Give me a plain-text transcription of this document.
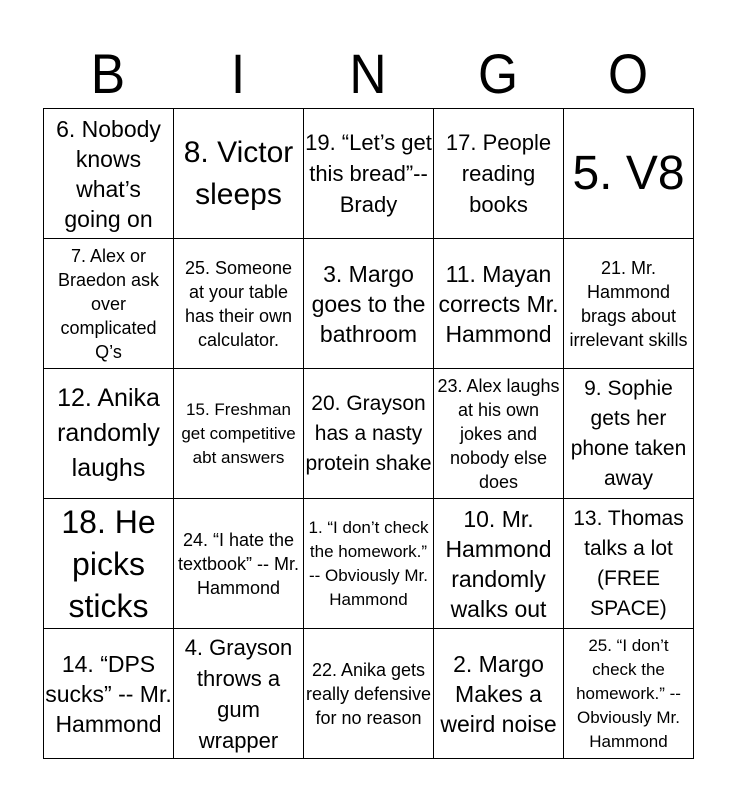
B	I	N	G	O
6. Nobody knows what’s going on	8. Victor sleeps	19. “Let’s get this bread”-- Brady	17. People reading books	5. V8
7. Alex or Braedon ask over complicated Q’s	25. Someone at your table has their own calculator.	3. Margo goes to the bathroom	11. Mayan corrects Mr. Hammond	21. Mr. Hammond brags about irrelevant skills
12. Anika randomly laughs	15. Freshman get competitive abt answers	20. Grayson has a nasty protein shake	23. Alex laughs at his own jokes and nobody else does	9. Sophie gets her phone taken away
18. He picks sticks	24. “I hate the textbook” -- Mr. Hammond	1. “I don’t check the homework.” -- Obviously Mr. Hammond	10. Mr. Hammond randomly walks out	13. Thomas talks a lot (FREE SPACE)
14. “DPS sucks” -- Mr. Hammond	4. Grayson throws a gum wrapper	22. Anika gets really defensive for no reason	2. Margo Makes a weird noise	25. “I don’t check the homework.” -- Obviously Mr. Hammond
